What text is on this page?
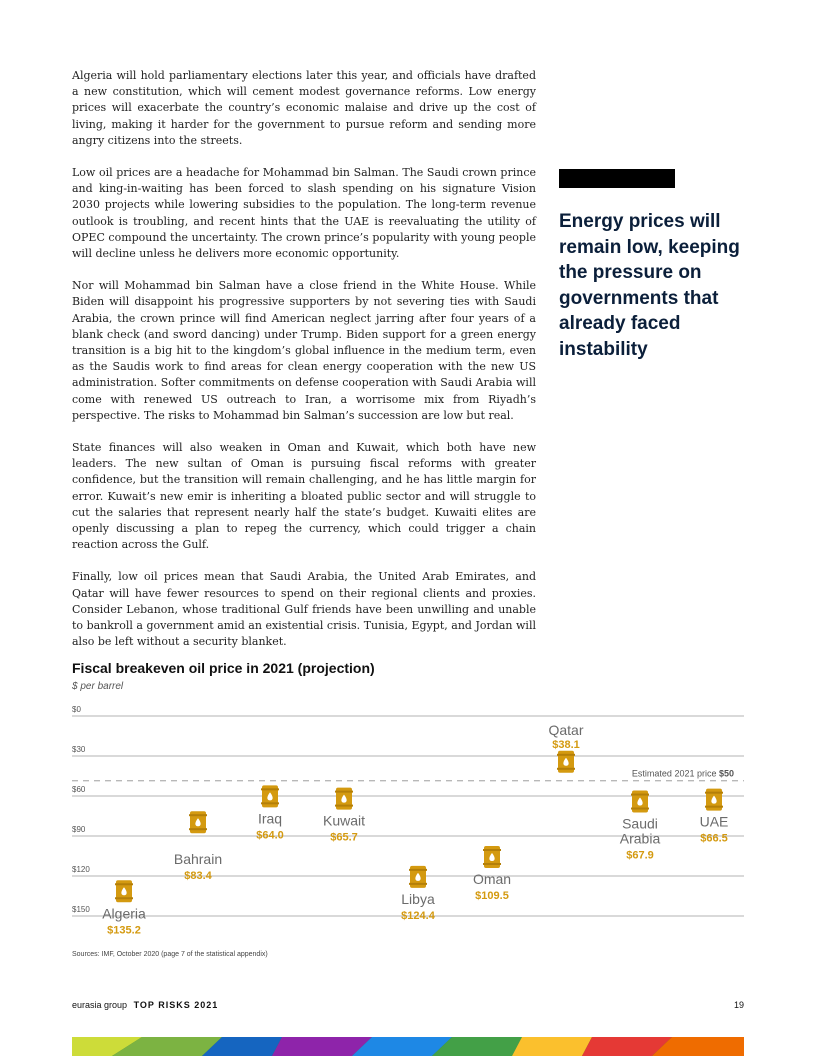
Algeria will hold parliamentary elections later this year, and officials have drafted a new constitution, which will cement modest governance reforms. Low energy prices will exacerbate the country’s economic malaise and drive up the cost of living, making it harder for the government to pursue reform and sending more angry citizens into the streets.

Low oil prices are a headache for Mohammad bin Salman. The Saudi crown prince and king-in-waiting has been forced to slash spending on his signature Vision 2030 projects while lowering subsidies to the population. The long-term revenue outlook is troubling, and recent hints that the UAE is reevaluating the utility of OPEC compound the uncertainty. The crown prince’s popularity with young people will decline unless he delivers more economic opportunity.

Nor will Mohammad bin Salman have a close friend in the White House. While Biden will disappoint his progressive supporters by not severing ties with Saudi Arabia, the crown prince will find American neglect jarring after four years of a blank check (and sword dancing) under Trump. Biden support for a green energy transition is a big hit to the kingdom’s global influence in the medium term, even as the Saudis work to find areas for clean energy cooperation with the new US administration. Softer commitments on defense cooperation with Saudi Arabia will come with renewed US outreach to Iran, a worrisome mix from Riyadh’s perspective. The risks to Mohammad bin Salman’s succession are low but real.

State finances will also weaken in Oman and Kuwait, which both have new leaders. The new sultan of Oman is pursuing fiscal reforms with greater confidence, but the transition will remain challenging, and he has little margin for error. Kuwait’s new emir is inheriting a bloated public sector and will struggle to cut the salaries that represent nearly half the state’s budget. Kuwaiti elites are openly discussing a plan to repeg the currency, which could trigger a chain reaction across the Gulf.

Finally, low oil prices mean that Saudi Arabia, the United Arab Emirates, and Qatar will have fewer resources to spend on their regional clients and proxies. Consider Lebanon, whose traditional Gulf friends have been unwilling and unable to bankroll a government amid an existential crisis. Tunisia, Egypt, and Jordan will also be left without a security blanket.

Energy prices will remain low, keeping the pressure on governments that already faced instability
Fiscal breakeven oil price in 2021 (projection)
$ per barrel
$0
$30
$60
$90
$120
$150
Estimated 2021 price $50
Algeria
$135.2
Bahrain
$83.4
Iraq
$64.0
Kuwait
$65.7
Libya
$124.4
Oman
$109.5
Qatar
$38.1
Saudi
Arabia
$67.9
UAE
$66.5
Sources: IMF, October 2020 (page 7 of the statistical appendix)
eurasia group TOP RISKS 2021	19
